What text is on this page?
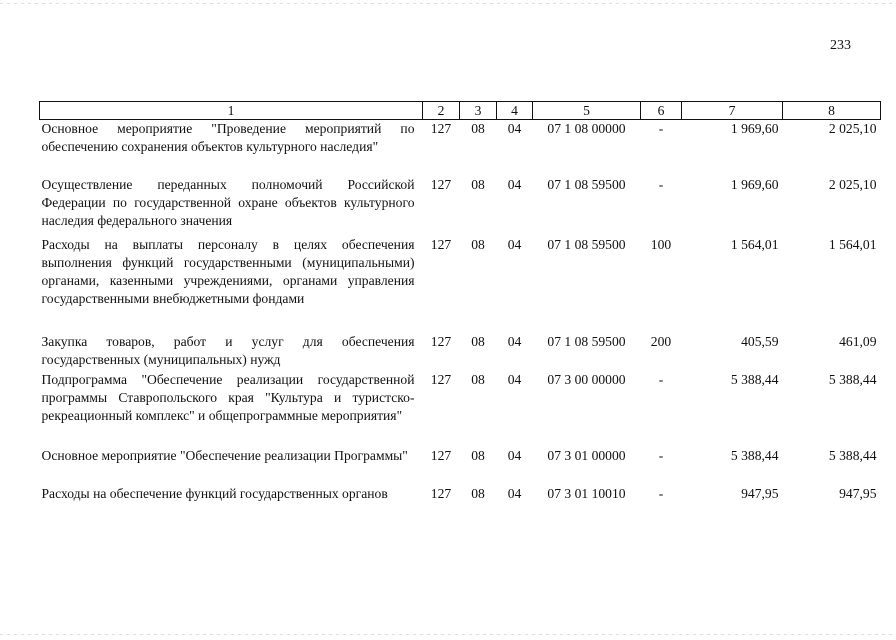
233
1	2	3	4	5	6	7	8
Основное мероприятие "Проведение мероприятий по обеспечению сохранения объектов культурного наследия"	127	08	04	07 1 08 00000	-	1 969,60	2 025,10
Осуществление переданных полномочий Российской Федерации по государственной охране объектов культурного наследия федерального значения	127	08	04	07 1 08 59500	-	1 969,60	2 025,10
Расходы на выплаты персоналу в целях обеспечения выполнения функций государственными (муниципальными) органами, казенными учреждениями, органами управления государственными внебюджетными фондами	127	08	04	07 1 08 59500	100	1 564,01	1 564,01
Закупка товаров, работ и услуг для обеспечения государственных (муниципальных) нужд	127	08	04	07 1 08 59500	200	405,59	461,09
Подпрограмма "Обеспечение реализации государственной программы Ставропольского края "Культура и туристско-рекреационный комплекс" и общепрограммные мероприятия"	127	08	04	07 3 00 00000	-	5 388,44	5 388,44
Основное мероприятие "Обеспечение реализации Программы"	127	08	04	07 3 01 00000	-	5 388,44	5 388,44
Расходы на обеспечение функций государственных органов	127	08	04	07 3 01 10010	-	947,95	947,95
